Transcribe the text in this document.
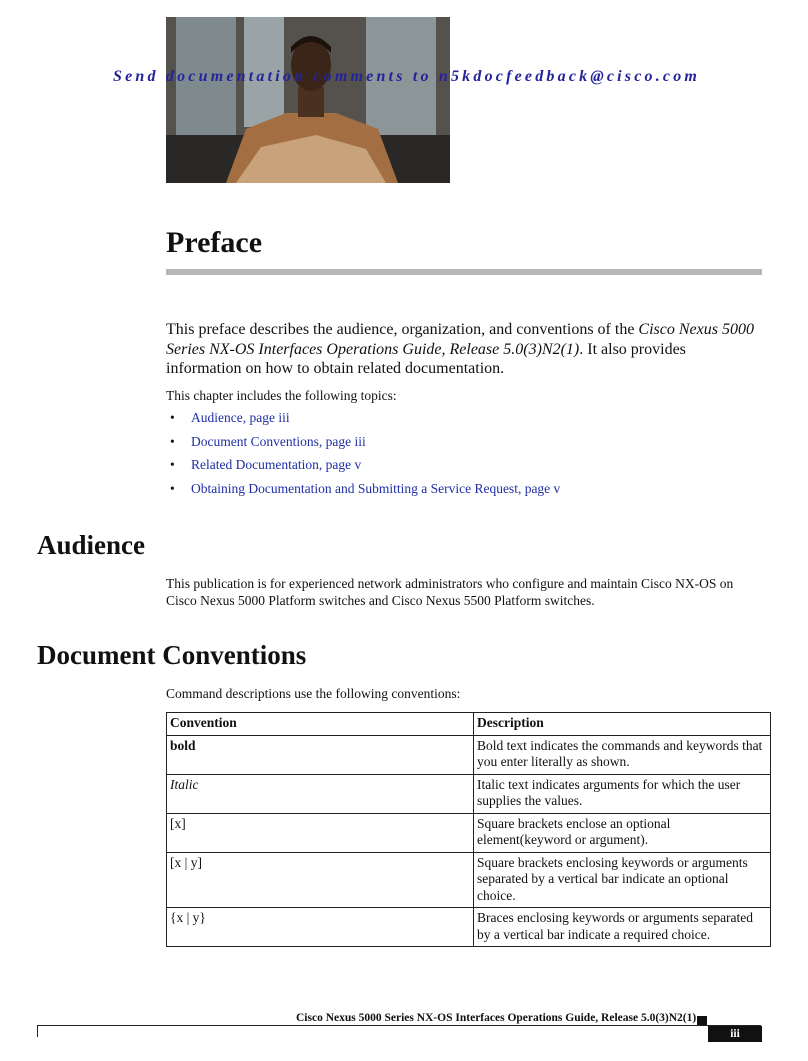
Send documentation comments to n5kdocfeedback@cisco.com
Preface

This preface describes the audience, organization, and conventions of the Cisco Nexus 5000 Series NX-OS Interfaces Operations Guide, Release 5.0(3)N2(1). It also provides information on how to obtain related documentation.

This chapter includes the following topics:

• Audience, page iii
• Document Conventions, page iii
• Related Documentation, page v
• Obtaining Documentation and Submitting a Service Request, page v
Audience

This publication is for experienced network administrators who configure and maintain Cisco NX-OS on Cisco Nexus 5000 Platform switches and Cisco Nexus 5500 Platform switches.

Document Conventions

Command descriptions use the following conventions:

Convention	Description
bold	Bold text indicates the commands and keywords that you enter literally as shown.
Italic	Italic text indicates arguments for which the user supplies the values.
[x]	Square brackets enclose an optional element(keyword or argument).
[x | y]	Square brackets enclosing keywords or arguments separated by a vertical bar indicate an optional choice.
{x | y}	Braces enclosing keywords or arguments separated by a vertical bar indicate a required choice.
Cisco Nexus 5000 Series NX-OS Interfaces Operations Guide, Release 5.0(3)N2(1)
iii
